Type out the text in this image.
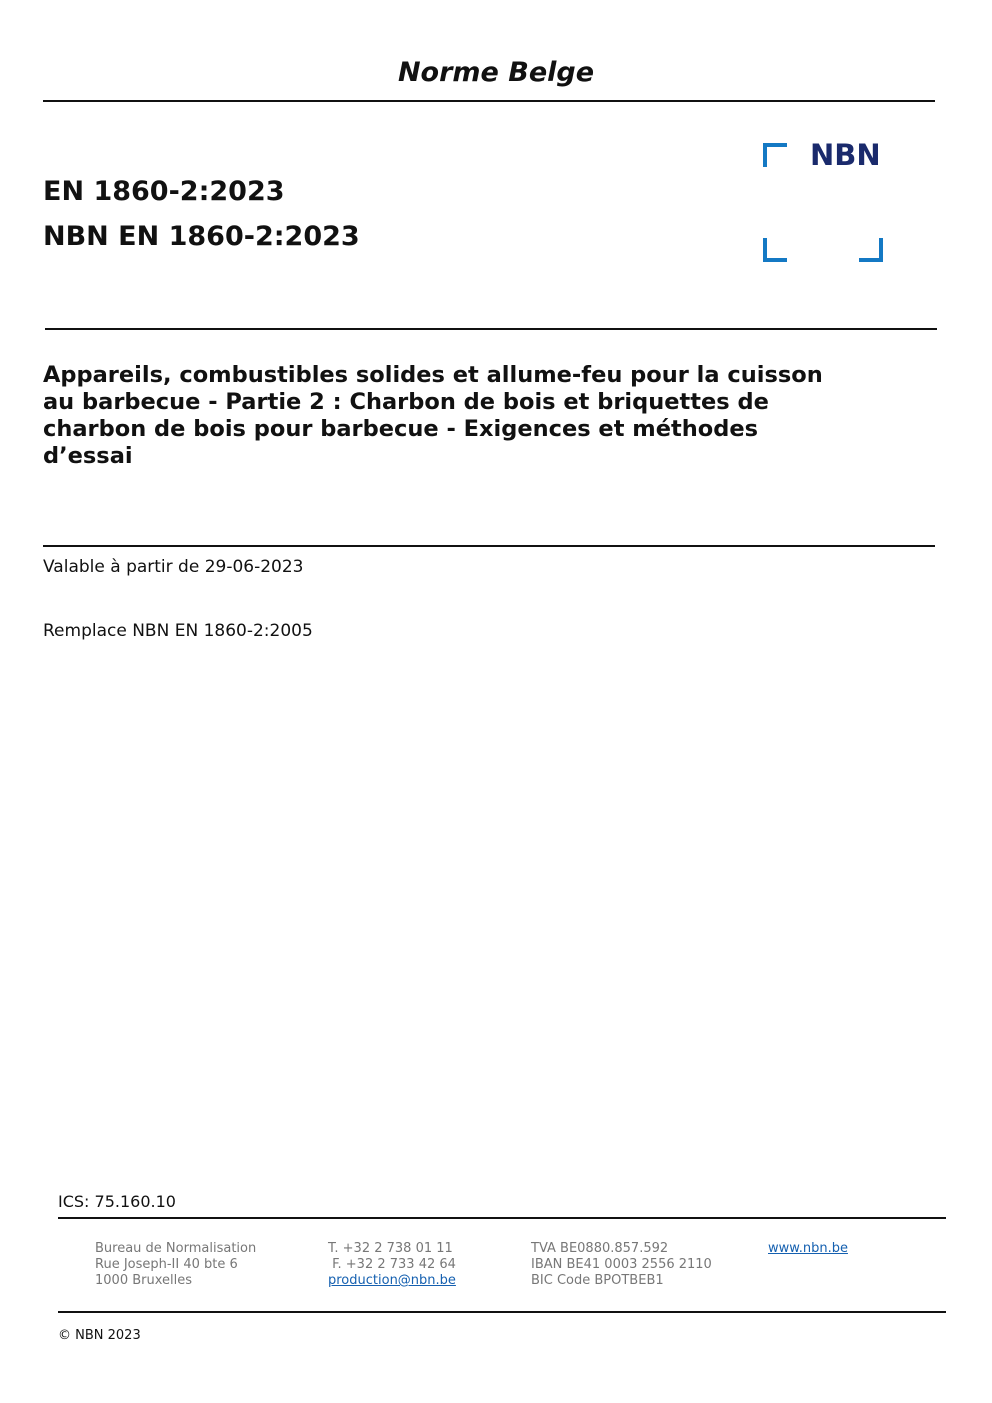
Norme Belge
EN 1860-2:2023
NBN EN 1860-2:2023
NBN
Appareils, combustibles solides et allume-feu pour la cuisson
au barbecue - Partie 2 : Charbon de bois et briquettes de
charbon de bois pour barbecue - Exigences et méthodes
d’essai
Valable à partir de 29-06-2023
Remplace NBN EN 1860-2:2005
ICS: 75.160.10
Bureau de Normalisation
Rue Joseph-II 40 bte 6
1000 Bruxelles
T. +32 2 738 01 11
F. +32 2 733 42 64
production@nbn.be
TVA BE0880.857.592
IBAN BE41 0003 2556 2110
BIC Code BPOTBEB1
www.nbn.be
© NBN 2023
